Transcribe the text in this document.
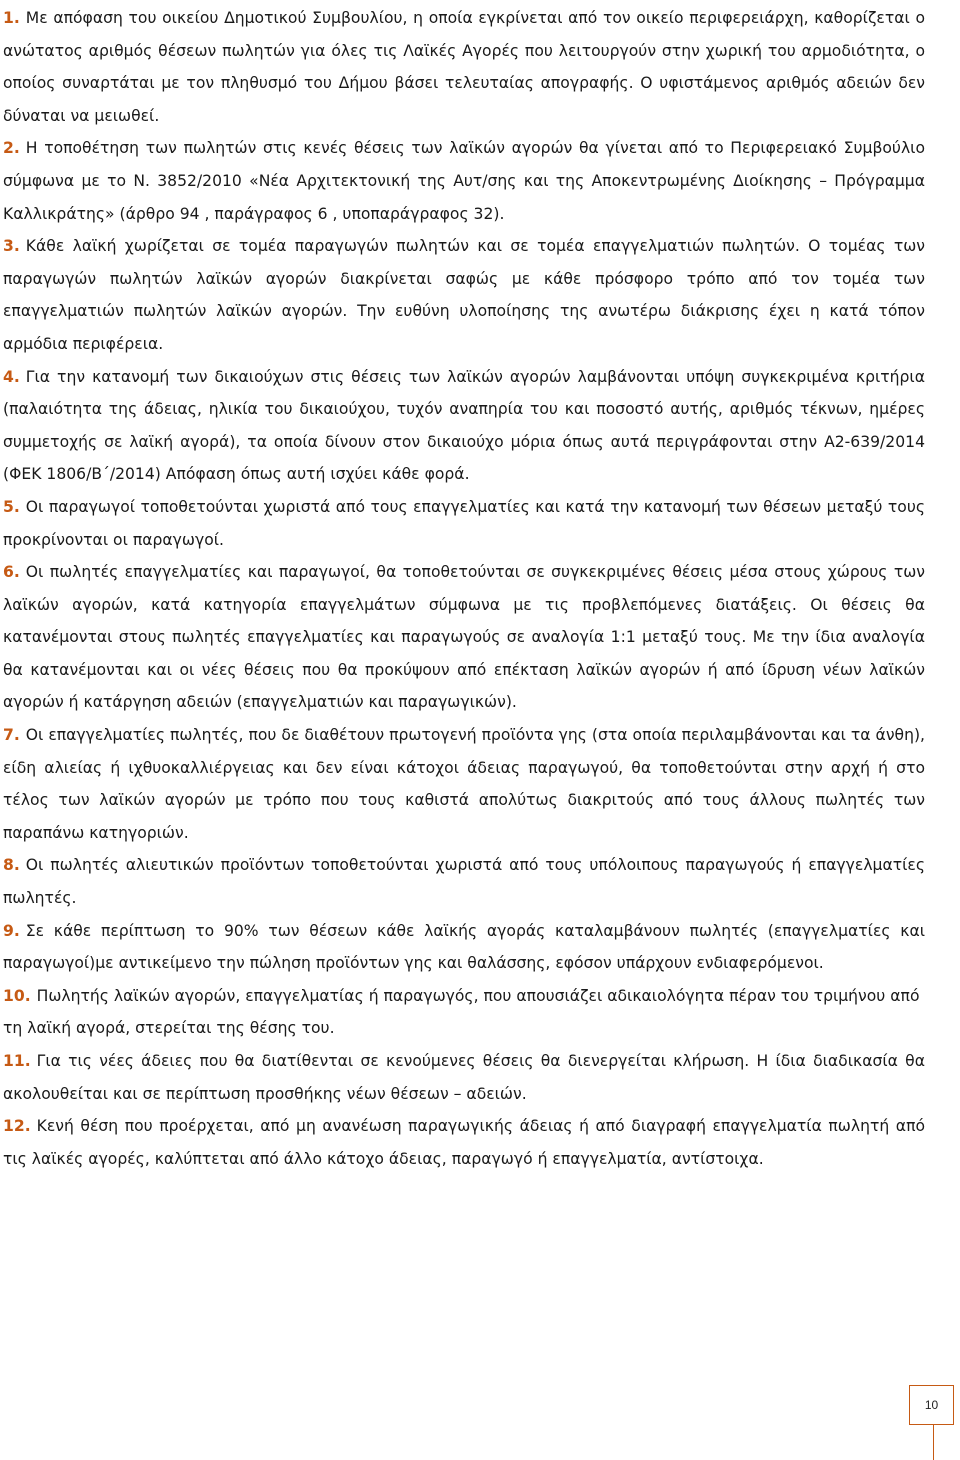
1. Με απόφαση του οικείου Δημοτικού Συμβουλίου, η οποία εγκρίνεται από τον οικείο περιφερειάρχη, καθορίζεται ο ανώτατος αριθμός θέσεων πωλητών για όλες τις Λαϊκές Αγορές που λειτουργούν στην χωρική του αρμοδιότητα, ο οποίος συναρτάται με τον πληθυσμό του Δήμου βάσει τελευταίας απογραφής. Ο υφιστάμενος αριθμός αδειών δεν δύναται να μειωθεί.

2. Η τοποθέτηση των πωλητών στις κενές θέσεις των λαϊκών αγορών θα γίνεται από το Περιφερειακό Συμβούλιο σύμφωνα με το Ν. 3852/2010 «Νέα Αρχιτεκτονική της Αυτ/σης και της Αποκεντρωμένης Διοίκησης – Πρόγραμμα Καλλικράτης» (άρθρο 94 , παράγραφος 6 , υποπαράγραφος 32).

3. Κάθε λαϊκή χωρίζεται σε τομέα παραγωγών πωλητών και σε τομέα επαγγελματιών πωλητών. Ο τομέας των παραγωγών πωλητών λαϊκών αγορών διακρίνεται σαφώς με κάθε πρόσφορο τρόπο από τον τομέα των επαγγελματιών πωλητών λαϊκών αγορών. Την ευθύνη υλοποίησης της ανωτέρω διάκρισης έχει η κατά τόπον αρμόδια περιφέρεια.

4. Για την κατανομή των δικαιούχων στις θέσεις των λαϊκών αγορών λαμβάνονται υπόψη συγκεκριμένα κριτήρια (παλαιότητα της άδειας, ηλικία του δικαιούχου, τυχόν αναπηρία του και ποσοστό αυτής, αριθμός τέκνων, ημέρες συμμετοχής σε λαϊκή αγορά), τα οποία δίνουν στον δικαιούχο μόρια όπως αυτά περιγράφονται στην Α2-639/2014 (ΦΕΚ 1806/Β΄/2014) Απόφαση όπως αυτή ισχύει κάθε φορά.

5. Οι παραγωγοί τοποθετούνται χωριστά από τους επαγγελματίες και κατά την κατανομή των θέσεων μεταξύ τους προκρίνονται οι παραγωγοί.

6. Οι πωλητές επαγγελματίες και παραγωγοί, θα τοποθετούνται σε συγκεκριμένες θέσεις μέσα στους χώρους των λαϊκών αγορών, κατά κατηγορία επαγγελμάτων σύμφωνα με τις προβλεπόμενες διατάξεις. Οι θέσεις θα κατανέμονται στους πωλητές επαγγελματίες και παραγωγούς σε αναλογία 1:1 μεταξύ τους. Με την ίδια αναλογία θα κατανέμονται και οι νέες θέσεις που θα προκύψουν από επέκταση λαϊκών αγορών ή από ίδρυση νέων λαϊκών αγορών ή κατάργηση αδειών (επαγγελματιών και παραγωγικών).

7. Οι επαγγελματίες πωλητές, που δε διαθέτουν πρωτογενή προϊόντα γης (στα οποία περιλαμβάνονται και τα άνθη), είδη αλιείας ή ιχθυοκαλλιέργειας και δεν είναι κάτοχοι άδειας παραγωγού, θα τοποθετούνται στην αρχή ή στο τέλος των λαϊκών αγορών με τρόπο που τους καθιστά απολύτως διακριτούς από τους άλλους πωλητές των παραπάνω κατηγοριών.

8. Οι πωλητές αλιευτικών προϊόντων τοποθετούνται χωριστά από τους υπόλοιπους παραγωγούς ή επαγγελματίες πωλητές.

9. Σε κάθε περίπτωση το 90% των θέσεων κάθε λαϊκής αγοράς καταλαμβάνουν πωλητές (επαγγελματίες και παραγωγοί)με αντικείμενο την πώληση προϊόντων γης και θαλάσσης, εφόσον υπάρχουν ενδιαφερόμενοι.

10. Πωλητής λαϊκών αγορών, επαγγελματίας ή παραγωγός, που απουσιάζει αδικαιολόγητα πέραν του τριμήνου από τη λαϊκή αγορά, στερείται της θέσης του.

11. Για τις νέες άδειες που θα διατίθενται σε κενούμενες θέσεις θα διενεργείται κλήρωση. Η ίδια διαδικασία θα ακολουθείται και σε περίπτωση προσθήκης νέων θέσεων – αδειών.

12. Κενή θέση που προέρχεται, από μη ανανέωση παραγωγικής άδειας ή από διαγραφή επαγγελματία πωλητή από τις λαϊκές αγορές, καλύπτεται από άλλο κάτοχο άδειας, παραγωγό ή επαγγελματία, αντίστοιχα.

10
